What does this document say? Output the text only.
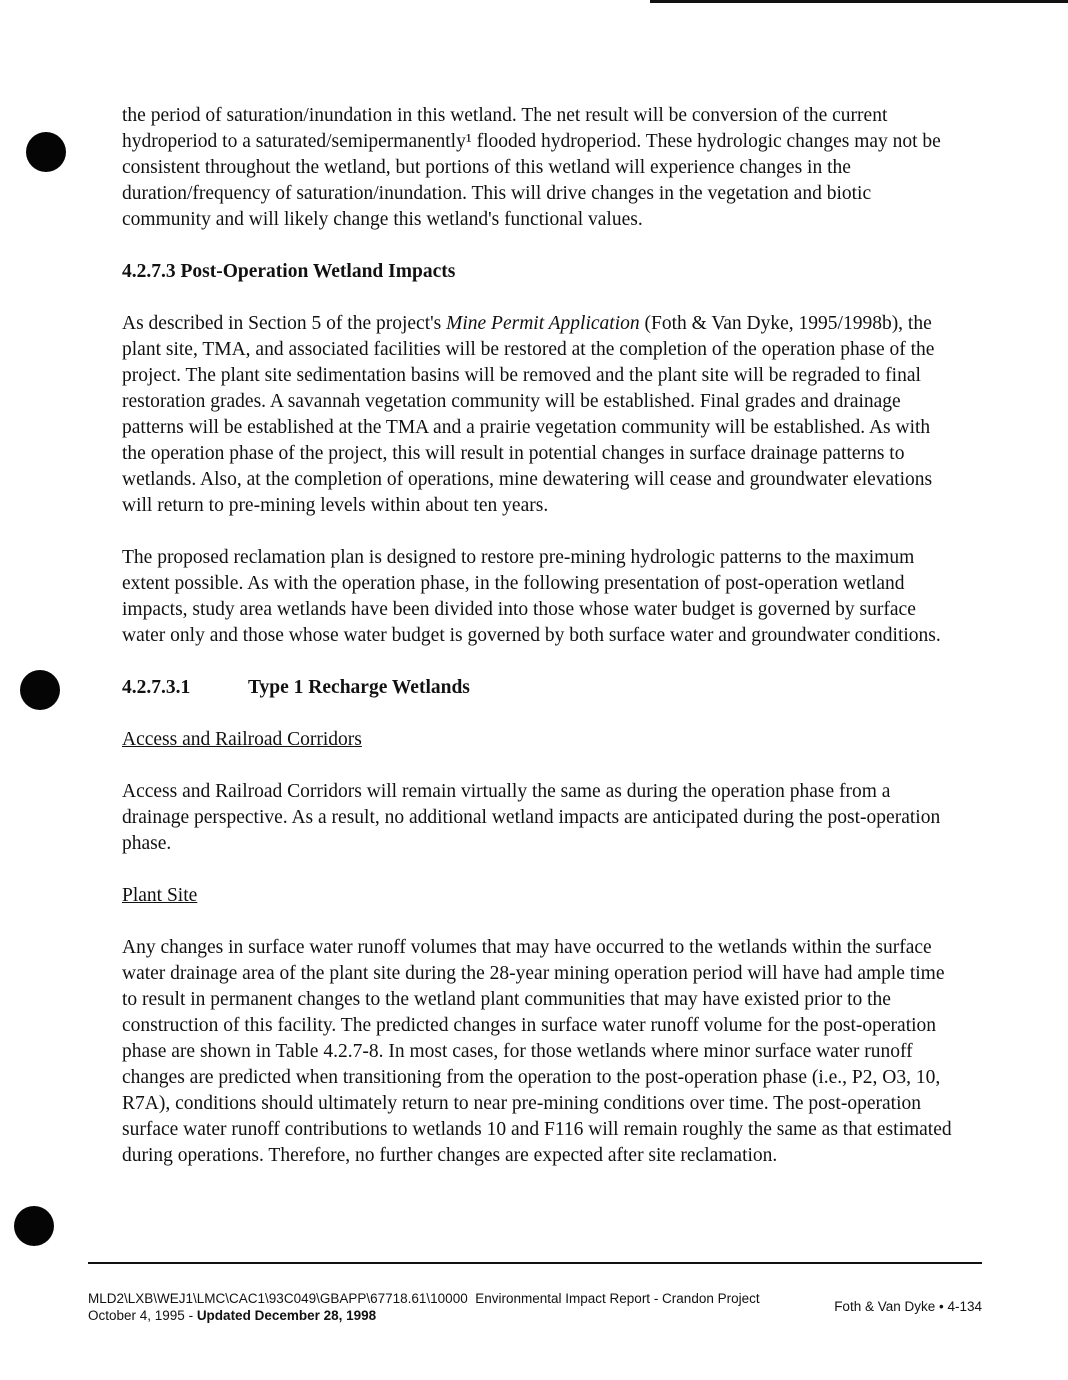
the period of saturation/inundation in this wetland. The net result will be conversion of the current hydroperiod to a saturated/semipermanently¹ flooded hydroperiod. These hydrologic changes may not be consistent throughout the wetland, but portions of this wetland will experience changes in the duration/frequency of saturation/inundation. This will drive changes in the vegetation and biotic community and will likely change this wetland's functional values.

4.2.7.3 Post-Operation Wetland Impacts

As described in Section 5 of the project's Mine Permit Application (Foth & Van Dyke, 1995/1998b), the plant site, TMA, and associated facilities will be restored at the completion of the operation phase of the project. The plant site sedimentation basins will be removed and the plant site will be regraded to final restoration grades. A savannah vegetation community will be established. Final grades and drainage patterns will be established at the TMA and a prairie vegetation community will be established. As with the operation phase of the project, this will result in potential changes in surface drainage patterns to wetlands. Also, at the completion of operations, mine dewatering will cease and groundwater elevations will return to pre-mining levels within about ten years.

The proposed reclamation plan is designed to restore pre-mining hydrologic patterns to the maximum extent possible. As with the operation phase, in the following presentation of post-operation wetland impacts, study area wetlands have been divided into those whose water budget is governed by surface water only and those whose water budget is governed by both surface water and groundwater conditions.

4.2.7.3.1	Type 1 Recharge Wetlands
Access and Railroad Corridors

Access and Railroad Corridors will remain virtually the same as during the operation phase from a drainage perspective. As a result, no additional wetland impacts are anticipated during the post-operation phase.

Plant Site

Any changes in surface water runoff volumes that may have occurred to the wetlands within the surface water drainage area of the plant site during the 28-year mining operation period will have had ample time to result in permanent changes to the wetland plant communities that may have existed prior to the construction of this facility. The predicted changes in surface water runoff volume for the post-operation phase are shown in Table 4.2.7-8. In most cases, for those wetlands where minor surface water runoff changes are predicted when transitioning from the operation to the post-operation phase (i.e., P2, O3, 10, R7A), conditions should ultimately return to near pre-mining conditions over time. The post-operation surface water runoff contributions to wetlands 10 and F116 will remain roughly the same as that estimated during operations. Therefore, no further changes are expected after site reclamation.

MLD2\LXB\WEJ1\LMC\CAC1\93C049\GBAPP\67718.61\10000 Environmental Impact Report - Crandon Project
October 4, 1995 - Updated December 28, 1998
Foth & Van Dyke • 4-134
